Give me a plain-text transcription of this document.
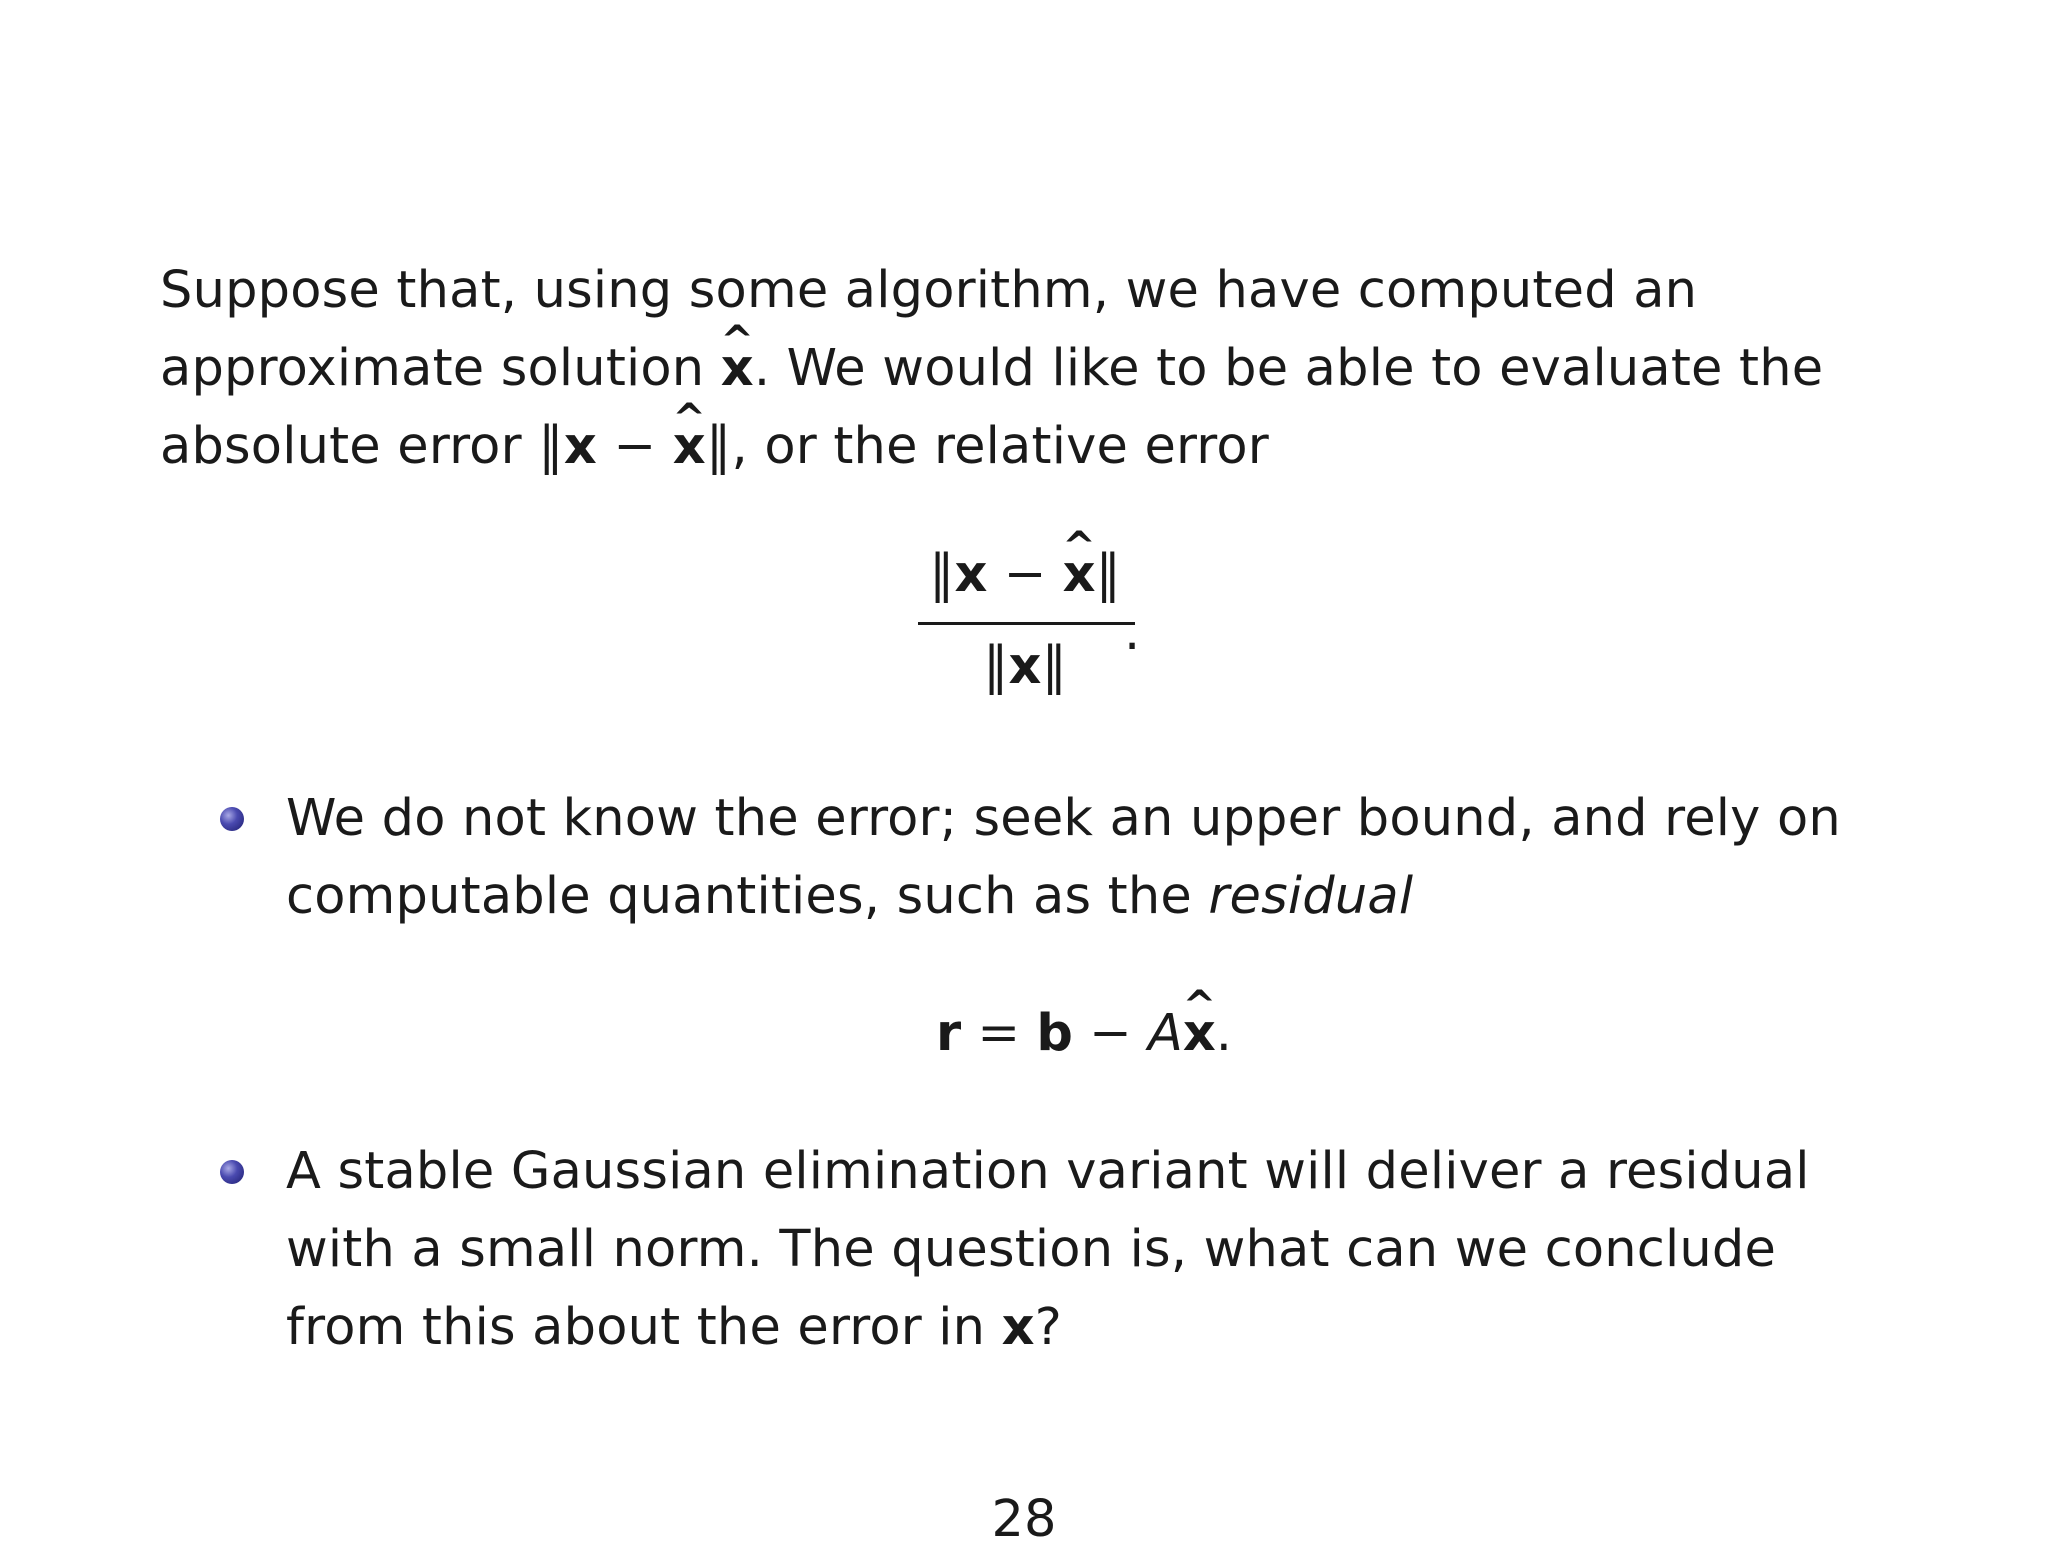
Suppose that, using some algorithm, we have computed an
approximate solution x ^. We would like to be able to evaluate the
absolute error ‖x − x ^‖, or the relative error
‖x − x ^‖
‖x‖
.
We do not know the error; seek an upper bound, and rely on
computable quantities, such as the residual
r = b − Ax ^.
A stable Gaussian elimination variant will deliver a residual
with a small norm. The question is, what can we conclude
from this about the error in x?
28
